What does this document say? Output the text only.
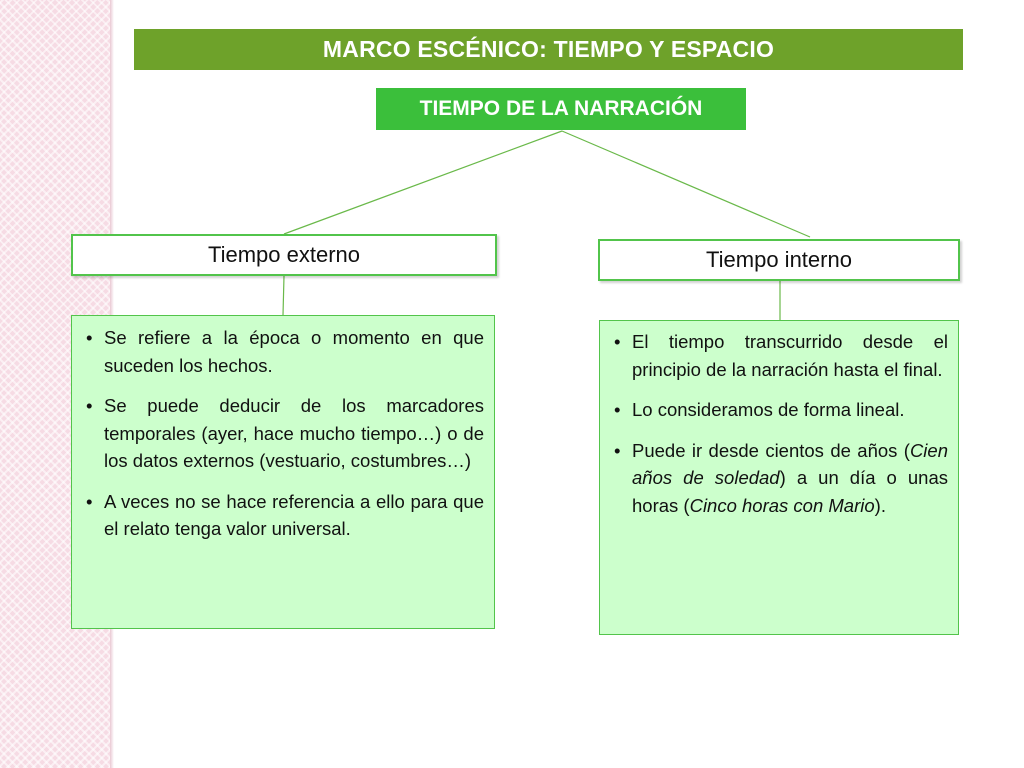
MARCO ESCÉNICO: TIEMPO Y ESPACIO
TIEMPO DE LA NARRACIÓN
Tiempo externo	Tiempo interno
• Se refiere a la época o momento en que suceden los hechos.
• Se puede deducir de los marcadores temporales (ayer, hace mucho tiempo…) o de los datos externos (vestuario, costumbres…)
• A veces no se hace referencia a ello para que el relato tenga valor universal.
• El tiempo transcurrido desde el principio de la narración hasta el final.
• Lo consideramos de forma lineal.
• Puede ir desde cientos de años (Cien años de soledad) a un día o unas horas (Cinco horas con Mario).
